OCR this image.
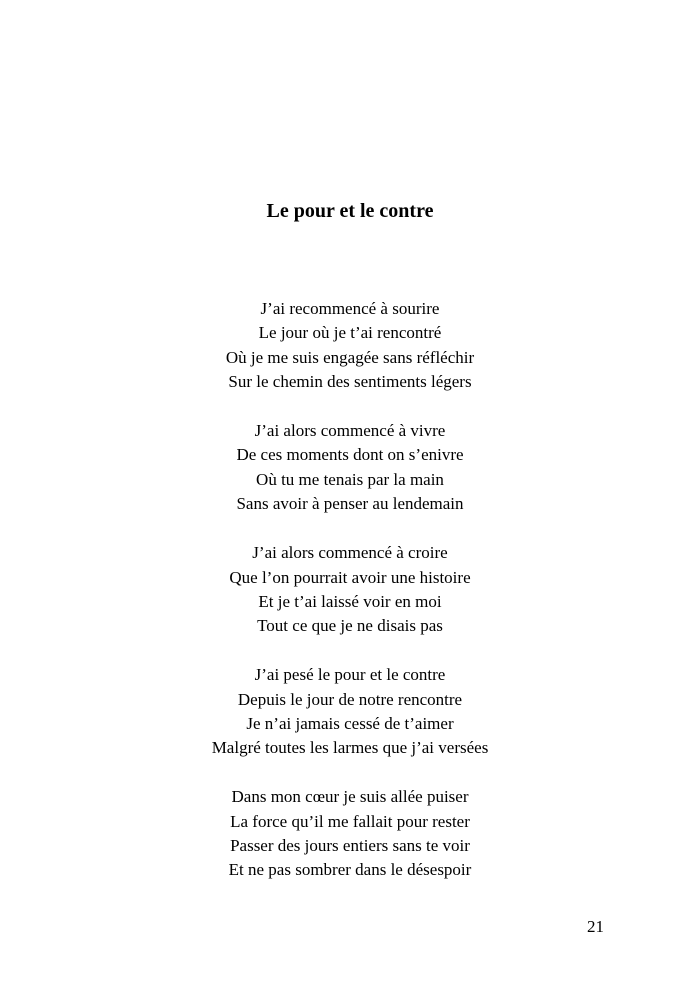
Le pour et le contre
J’ai recommencé à sourire
Le jour où je t’ai rencontré
Où je me suis engagée sans réfléchir
Sur le chemin des sentiments légers
J’ai alors commencé à vivre
De ces moments dont on s’enivre
Où tu me tenais par la main
Sans avoir à penser au lendemain
J’ai alors commencé à croire
Que l’on pourrait avoir une histoire
Et je t’ai laissé voir en moi
Tout ce que je ne disais pas
J’ai pesé le pour et le contre
Depuis le jour de notre rencontre
Je n’ai jamais cessé de t’aimer
Malgré toutes les larmes que j’ai versées
Dans mon cœur je suis allée puiser
La force qu’il me fallait pour rester
Passer des jours entiers sans te voir
Et ne pas sombrer dans le désespoir
21
